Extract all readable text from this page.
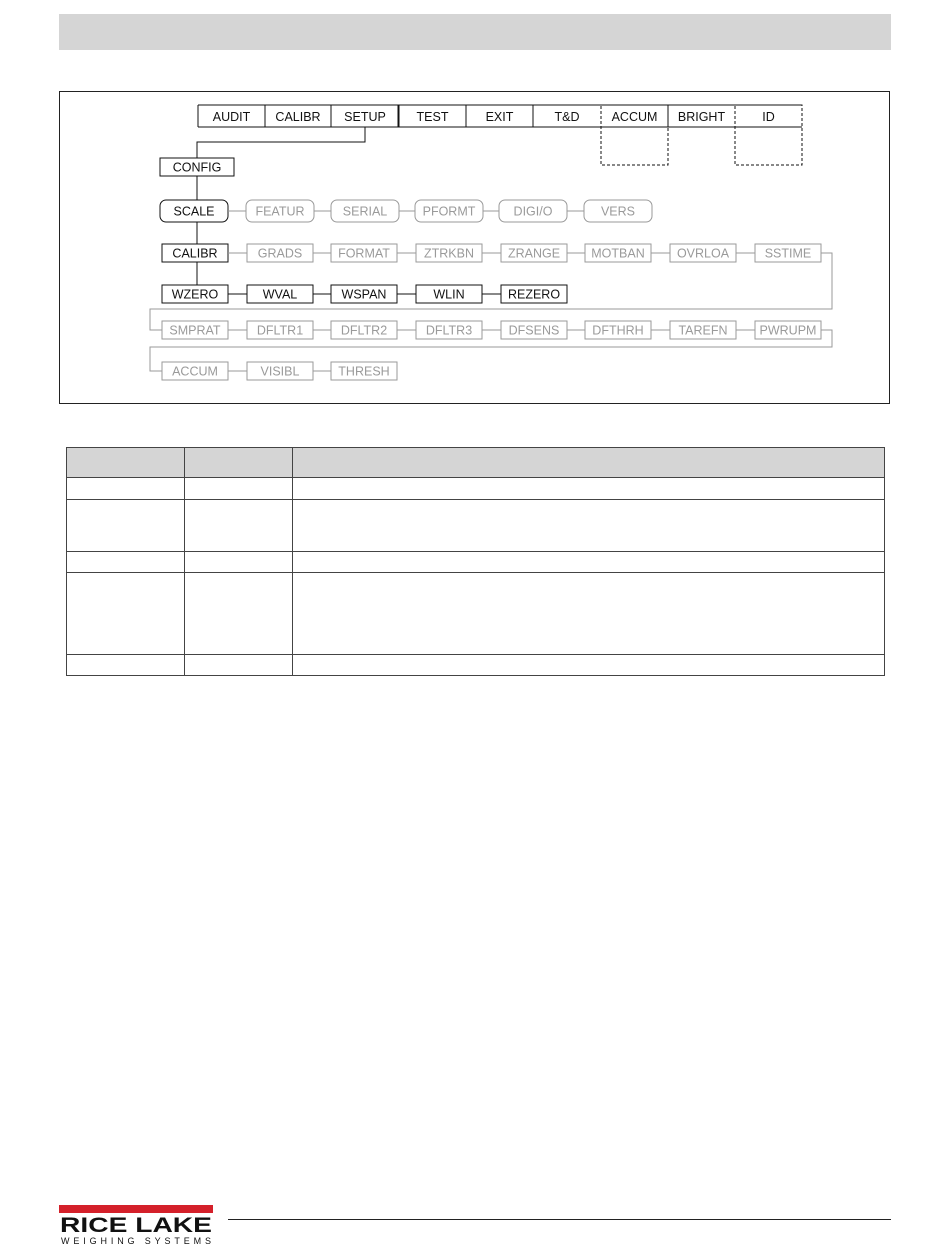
AUDIT CALIBR SETUP TEST	EXIT	T&D	ACCUM BRIGHT	ID
CONFIG
SCALE	FEATUR	SERIAL	PFORMT	DIGI/O	VERS
CALIBR	GRADS	FORMAT	ZTRKBN	ZRANGE MOTBAN	OVRLOA	SSTIME
WZERO	WVAL	WSPAN	WLIN	REZERO
SMPRAT	DFLTR1	DFLTR2	DFLTR3	DFSENS	DFTHRH	TAREFN	PWRUPM
ACCUM	VISIBL	THRESH

RICE LAKE
WEIGHING SYSTEMS
